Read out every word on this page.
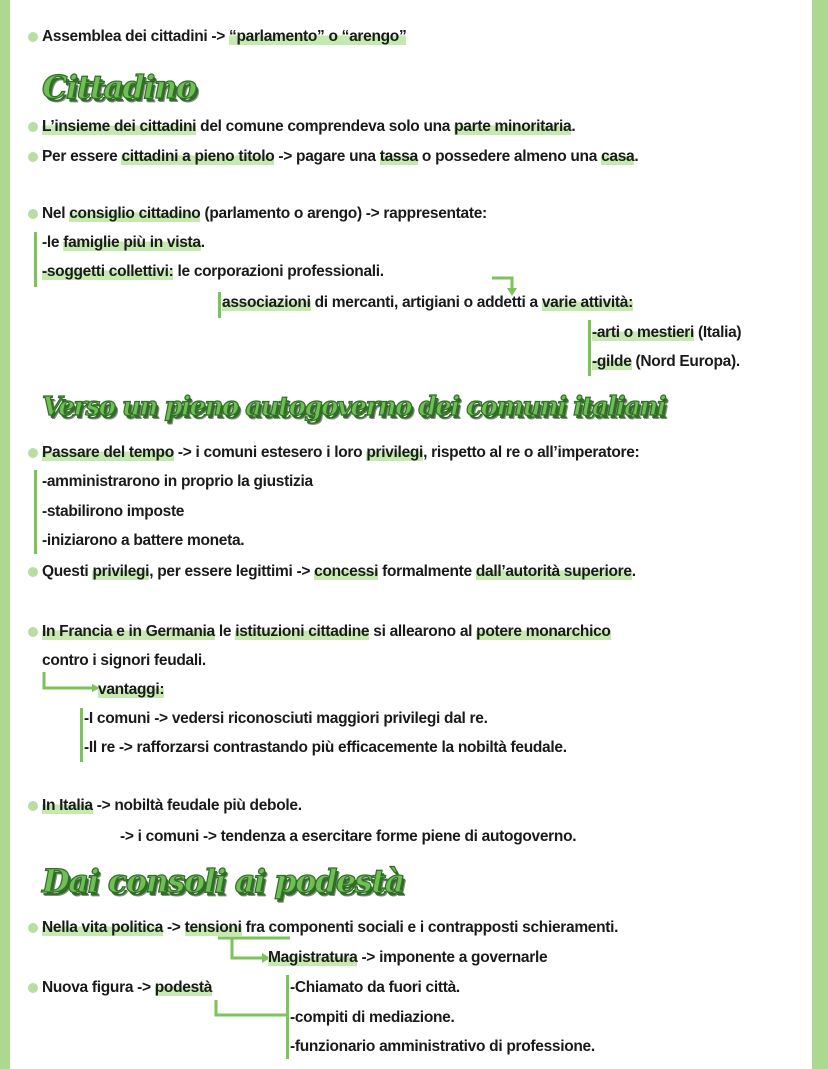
Cittadino
Verso un pieno autogoverno dei comuni italiani
Dai consoli ai podestà
Assemblea dei cittadini -> “parlamento” o “arengo”
L’insieme dei cittadini del comune comprendeva solo una parte minoritaria.
Per essere cittadini a pieno titolo -> pagare una tassa o possedere almeno una casa.
Nel consiglio cittadino (parlamento o arengo) -> rappresentate:
-le famiglie più in vista.
-soggetti collettivi: le corporazioni professionali.
associazioni di mercanti, artigiani o addetti a varie attività:
-arti o mestieri (Italia)
-gilde (Nord Europa).
Passare del tempo -> i comuni estesero i loro privilegi, rispetto al re o all’imperatore:
-amministrarono in proprio la giustizia
-stabilirono imposte
-iniziarono a battere moneta.
Questi privilegi, per essere legittimi -> concessi formalmente dall’autorità superiore.
In Francia e in Germania le istituzioni cittadine si allearono al potere monarchico
contro i signori feudali.
vantaggi:
-I comuni -> vedersi riconosciuti maggiori privilegi dal re.
-Il re -> rafforzarsi contrastando più efficacemente la nobiltà feudale.
In Italia -> nobiltà feudale più debole.
-> i comuni -> tendenza a esercitare forme piene di autogoverno.
Nella vita politica -> tensioni fra componenti sociali e i contrapposti schieramenti.
Magistratura -> imponente a governarle
Nuova figura -> podestà	-Chiamato da fuori città.
-compiti di mediazione.
-funzionario amministrativo di professione.
